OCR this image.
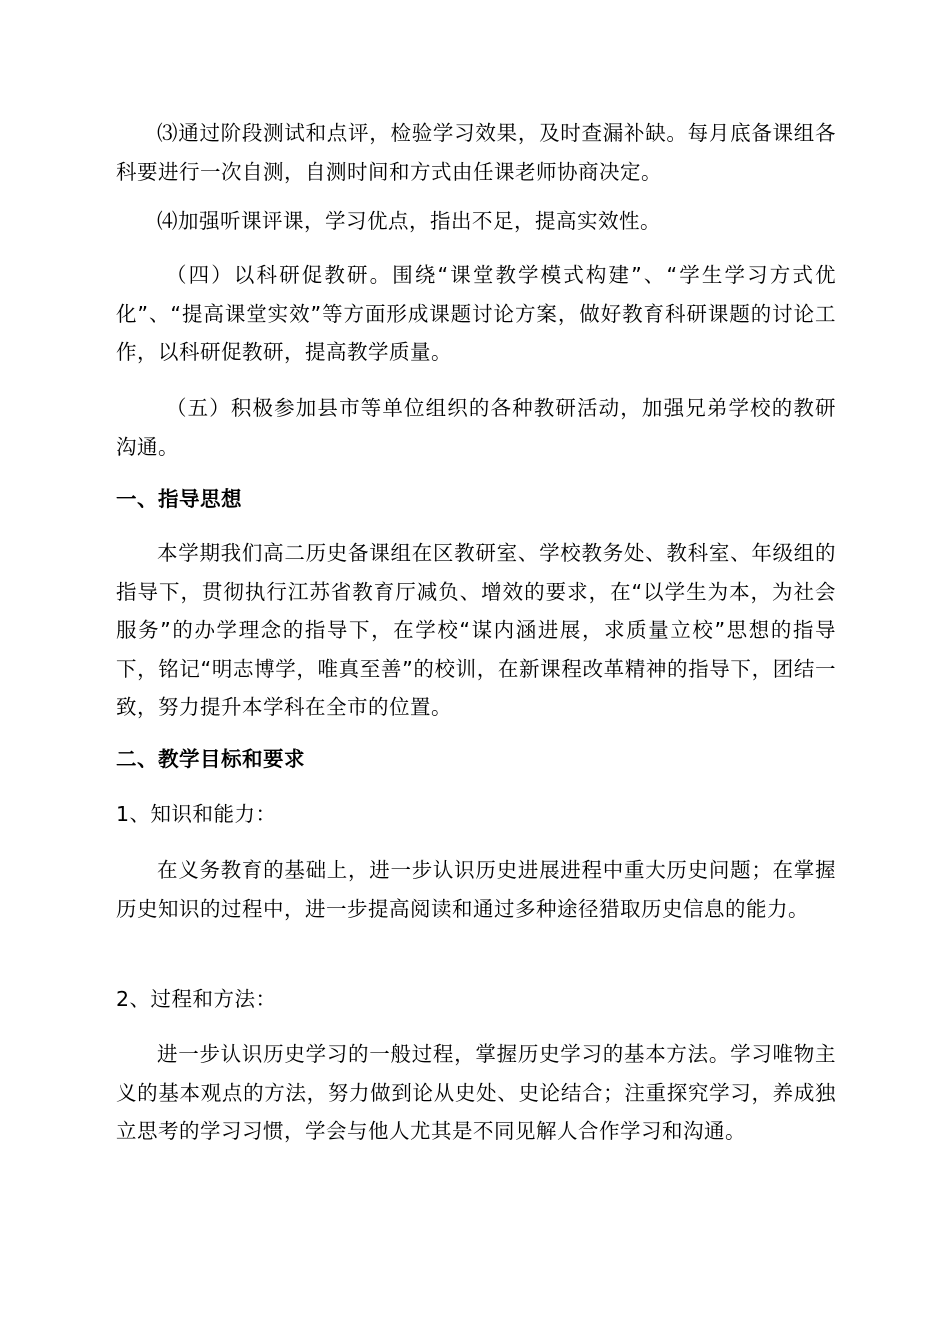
⑶通过阶段测试和点评，检验学习效果，及时查漏补缺。每月底备课组各科要进行一次自测，自测时间和方式由任课老师协商决定。

⑷加强听课评课，学习优点，指出不足，提高实效性。

（四）以科研促教研。围绕“课堂教学模式构建”、“学生学习方式优化”、“提高课堂实效”等方面形成课题讨论方案，做好教育科研课题的讨论工作，以科研促教研，提高教学质量。

（五）积极参加县市等单位组织的各种教研活动，加强兄弟学校的教研沟通。

一、指导思想

本学期我们高二历史备课组在区教研室、学校教务处、教科室、年级组的指导下，贯彻执行江苏省教育厅减负、增效的要求，在“以学生为本，为社会服务”的办学理念的指导下，在学校“谋内涵进展，求质量立校”思想的指导下，铭记“明志博学，唯真至善”的校训，在新课程改革精神的指导下，团结一致，努力提升本学科在全市的位置。

二、教学目标和要求

1、知识和能力：

在义务教育的基础上，进一步认识历史进展进程中重大历史问题；在掌握历史知识的过程中，进一步提高阅读和通过多种途径猎取历史信息的能力。

2、过程和方法：

进一步认识历史学习的一般过程，掌握历史学习的基本方法。学习唯物主义的基本观点的方法，努力做到论从史处、史论结合；注重探究学习，养成独立思考的学习习惯，学会与他人尤其是不同见解人合作学习和沟通。
